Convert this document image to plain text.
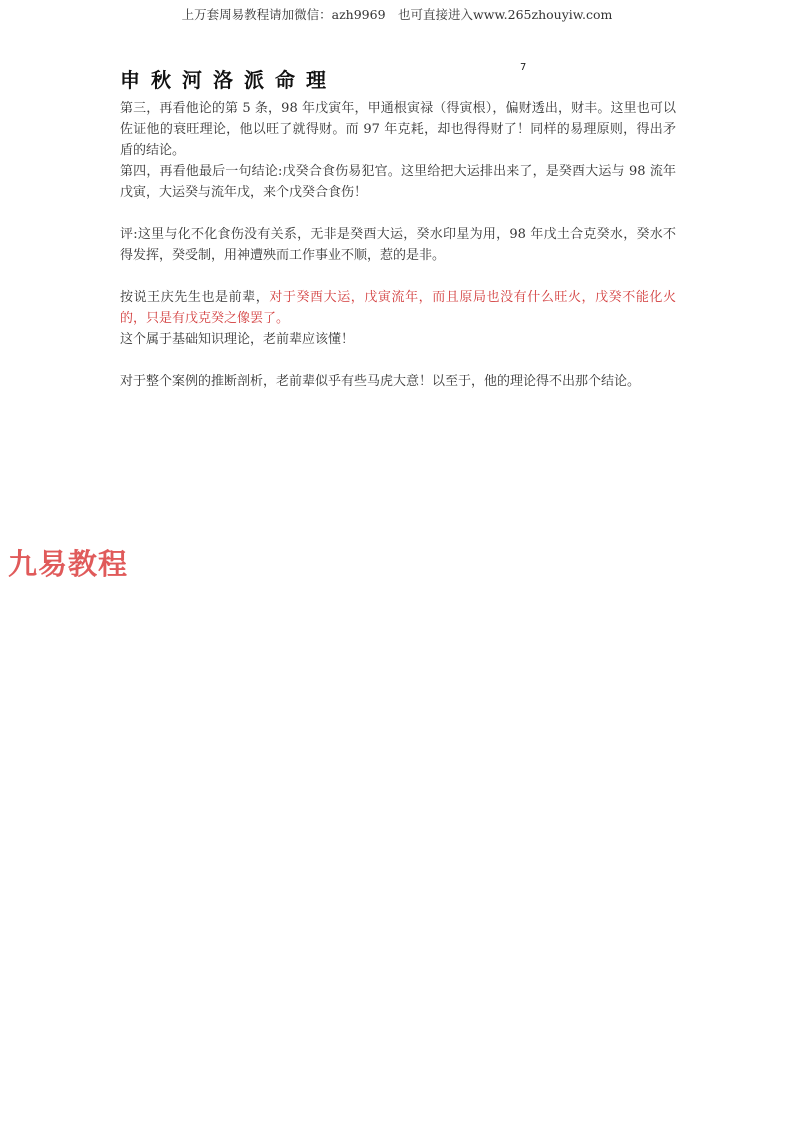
上万套周易教程请加微信：azh9969　也可直接进入www.265zhouyiw.com
申秋河洛派命理
7

第三，再看他论的第 5 条，98 年戊寅年，甲通根寅禄（得寅根），偏财透出，财丰。这里也可以佐证他的衰旺理论，他以旺了就得财。而 97 年克耗，却也得得财了！同样的易理原则，得出矛盾的结论。

第四，再看他最后一句结论:戊癸合食伤易犯官。这里给把大运排出来了，是癸酉大运与 98 流年戊寅，大运癸与流年戊，来个戊癸合食伤！

评:这里与化不化食伤没有关系，无非是癸酉大运，癸水印星为用，98 年戊土合克癸水，癸水不得发挥，癸受制，用神遭殃而工作事业不顺，惹的是非。

按说王庆先生也是前辈，对于癸酉大运，戊寅流年，而且原局也没有什么旺火，戊癸不能化火的，只是有戊克癸之像罢了。

这个属于基础知识理论，老前辈应该懂！

对于整个案例的推断剖析，老前辈似乎有些马虎大意！以至于，他的理论得不出那个结论。

九易教程
